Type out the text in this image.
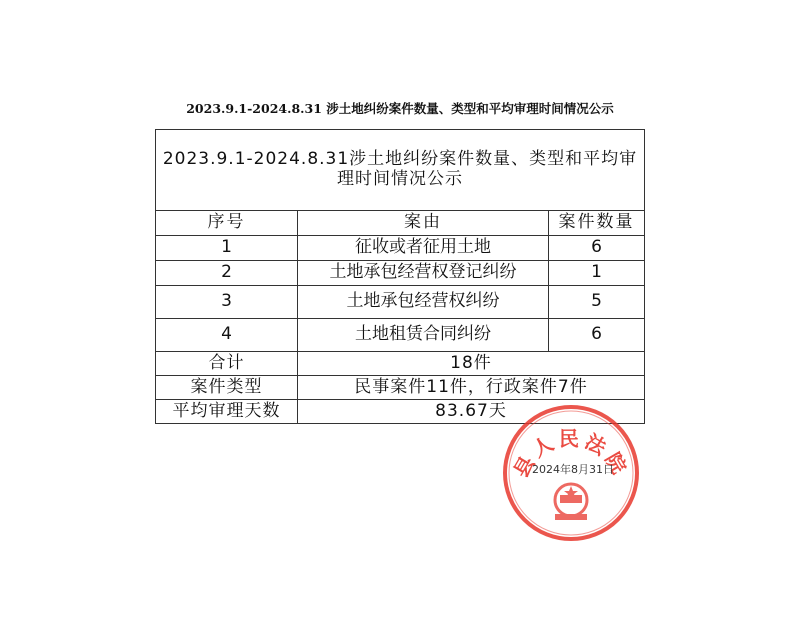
2023.9.1-2024.8.31 涉土地纠纷案件数量、类型和平均审理时间情况公示
2023.9.1-2024.8.31涉土地纠纷案件数量、类型和平均审理时间情况公示		
序号	案由	案件数量
1	征收或者征用土地	6
2	土地承包经营权登记纠纷	1
3	土地承包经营权纠纷	5
4	土地租赁合同纠纷	6
合计	18件	
案件类型	民事案件11件，行政案件7件	
平均审理天数	83.67天	
县人民法院
2024年8月31日
